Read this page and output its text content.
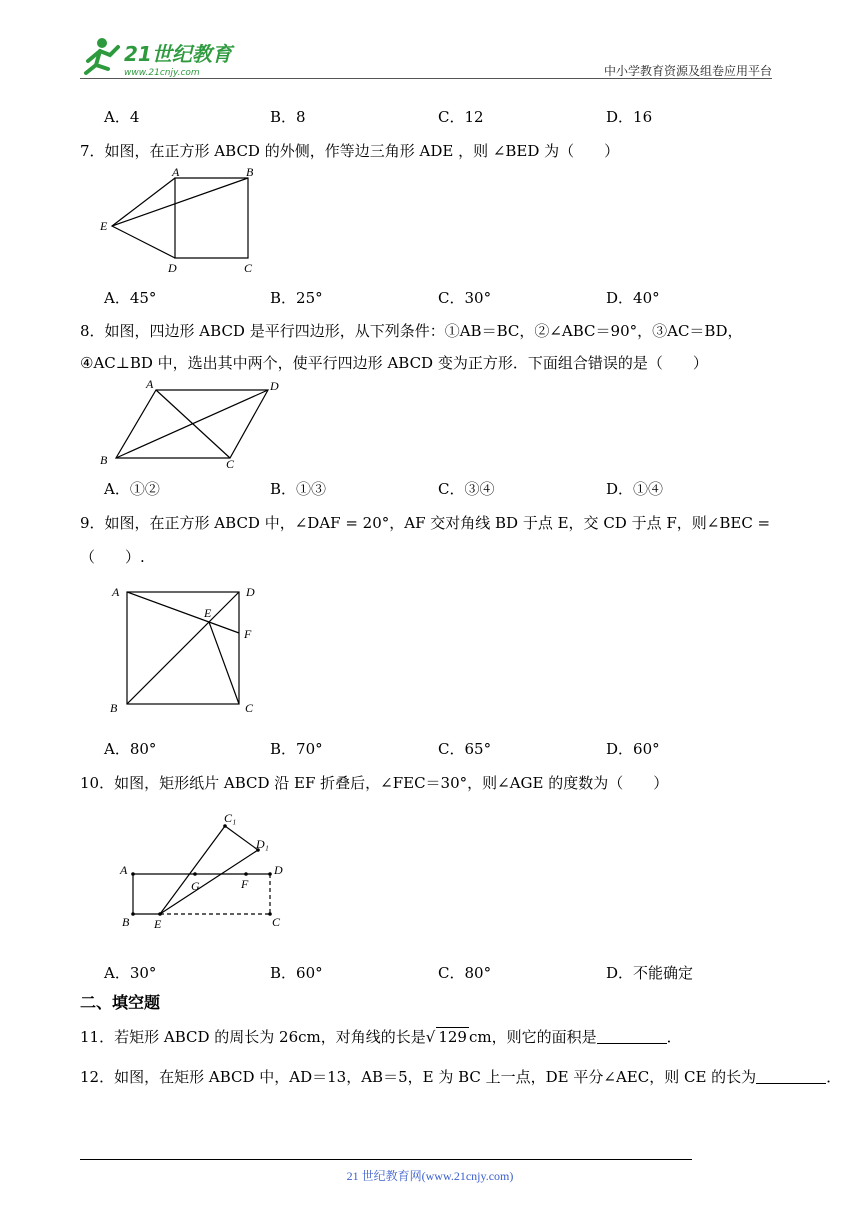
21世纪教育
www.21cnjy.com	中小学教育资源及组卷应用平台
A．4	B．8	C．12	D．16
7．如图，在正方形 ABCD 的外侧，作等边三角形 ADE ，则 ∠BED 为（　　）
A	B
E
D	C
A．45°	B．25°	C．30°	D．40°
8．如图，四边形 ABCD 是平行四边形，从下列条件：①AB＝BC，②∠ABC＝90°，③AC＝BD，
④AC⊥BD 中，选出其中两个，使平行四边形 ABCD 变为正方形．下面组合错误的是（　　）
A	D
B	C
A．①②	B．①③	C．③④	D．①④
9．如图，在正方形 ABCD 中，∠DAF = 20°，AF 交对角线 BD 于点 E，交 CD 于点 F，则∠BEC =
（　　）.
A	D
E
F
B	C
A．80°	B．70°	C．65°	D．60°
10．如图，矩形纸片 ABCD 沿 EF 折叠后，∠FEC＝30°，则∠AGE 的度数为（　　）
C₁
D₁
A
G	F
D
B E	C
A．30°	B．60°	C．80°	D．不能确定
二、填空题
11．若矩形 ABCD 的周长为 26cm，对角线的长是√ 129 cm，则它的面积是	．
12．如图，在矩形 ABCD 中，AD＝13，AB＝5，E 为 BC 上一点，DE 平分∠AEC，则 CE 的长为	．
21 世纪教育网(www.21cnjy.com)
